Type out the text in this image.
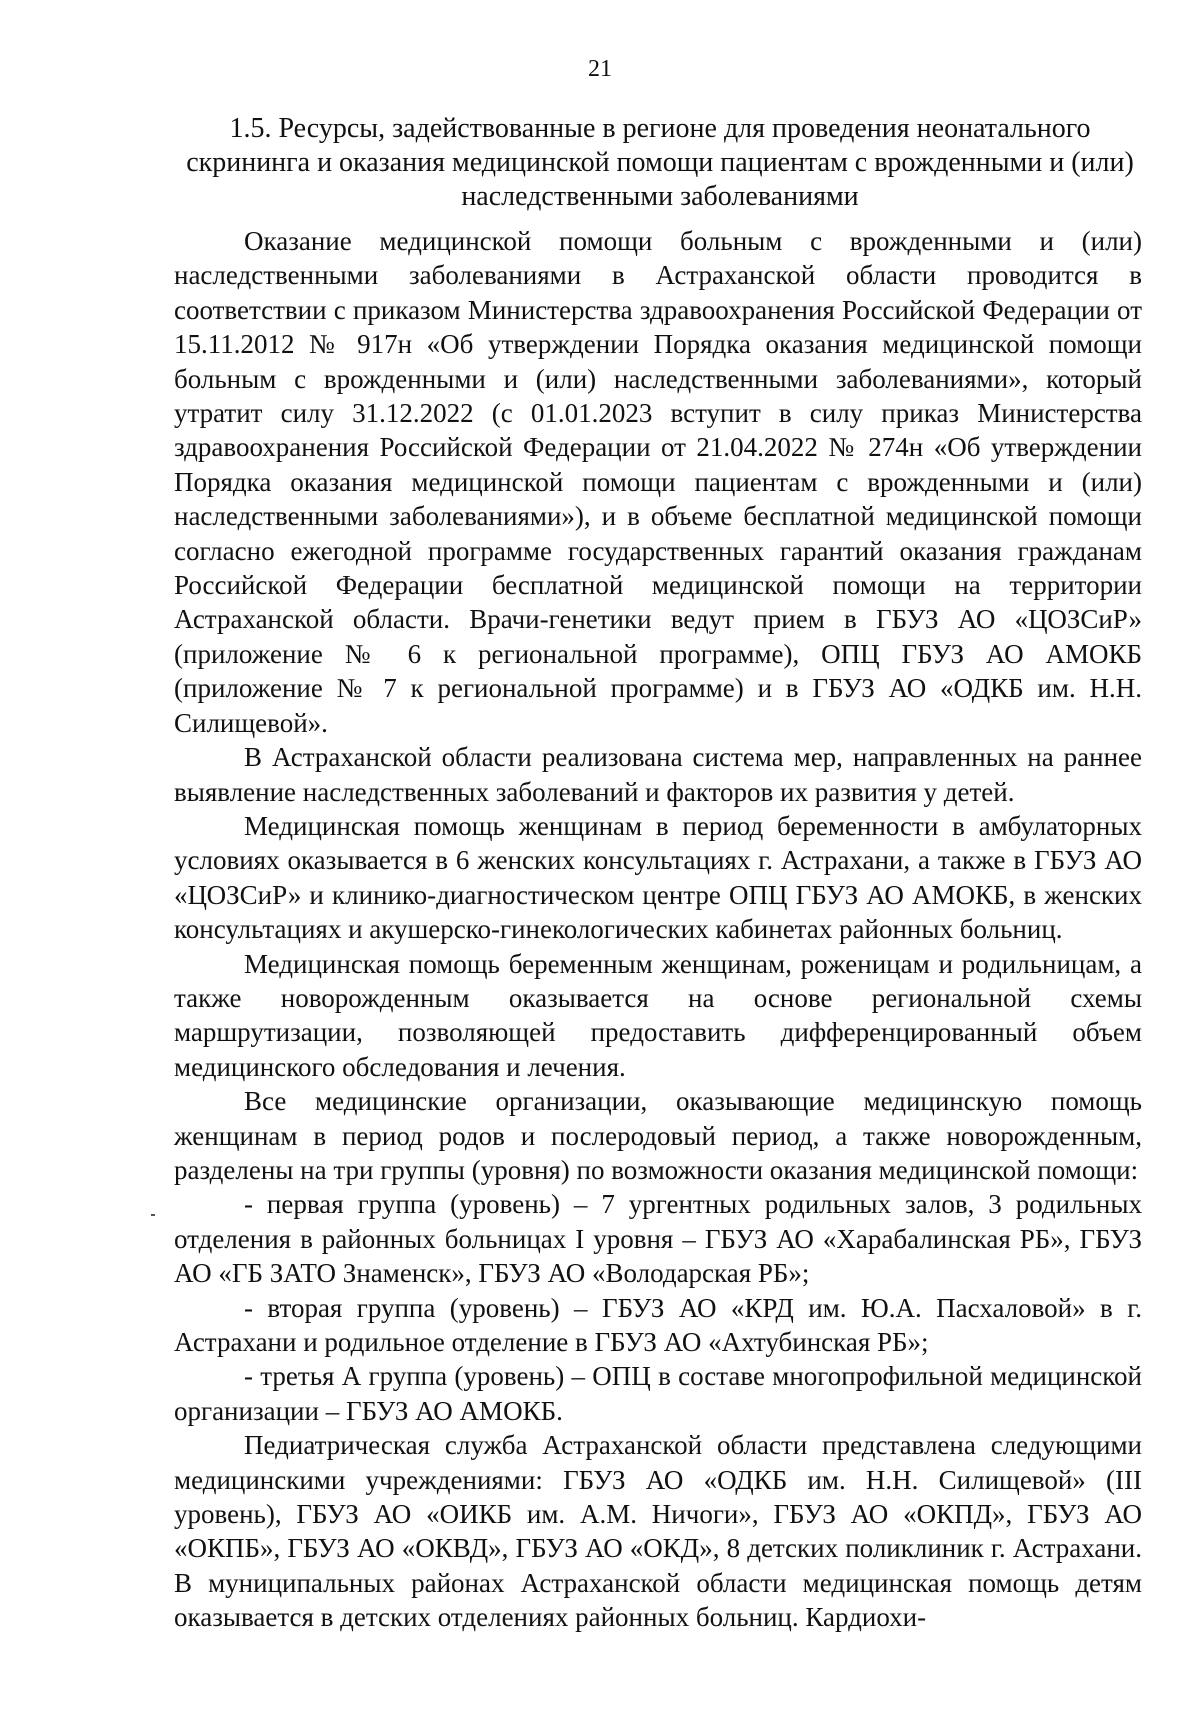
21
1.5. Ресурсы, задействованные в регионе для проведения неонатального скрининга и оказания медицинской помощи пациентам с врожденными и (или) наследственными заболеваниями

Оказание медицинской помощи больным с врожденными и (или) наследственными заболеваниями в Астраханской области проводится в соответствии с приказом Министерства здравоохранения Российской Федерации от 15.11.2012 № 917н «Об утверждении Порядка оказания медицинской помощи больным с врожденными и (или) наследственными заболеваниями», который утратит силу 31.12.2022 (с 01.01.2023 вступит в силу приказ Министерства здравоохранения Российской Федерации от 21.04.2022 № 274н «Об утверждении Порядка оказания медицинской помощи пациентам с врожденными и (или) наследственными заболеваниями»), и в объеме бесплатной медицинской помощи согласно ежегодной программе государственных гарантий оказания гражданам Российской Федерации бесплатной медицинской помощи на территории Астраханской области. Врачи-генетики ведут прием в ГБУЗ АО «ЦОЗСиР» (приложение № 6 к региональной программе), ОПЦ ГБУЗ АО АМОКБ (приложение № 7 к региональной программе) и в ГБУЗ АО «ОДКБ им. Н.Н. Силищевой».

В Астраханской области реализована система мер, направленных на раннее выявление наследственных заболеваний и факторов их развития у детей.

Медицинская помощь женщинам в период беременности в амбулаторных условиях оказывается в 6 женских консультациях г. Астрахани, а также в ГБУЗ АО «ЦОЗСиР» и клинико-диагностическом центре ОПЦ ГБУЗ АО АМОКБ, в женских консультациях и акушерско-гинекологических кабинетах районных больниц.

Медицинская помощь беременным женщинам, роженицам и родильницам, а также новорожденным оказывается на основе региональной схемы маршрутизации, позволяющей предоставить дифференцированный объем медицинского обследования и лечения.

Все медицинские организации, оказывающие медицинскую помощь женщинам в период родов и послеродовый период, а также новорожденным, разделены на три группы (уровня) по возможности оказания медицинской помощи:

- первая группа (уровень) – 7 ургентных родильных залов, 3 родильных отделения в районных больницах I уровня – ГБУЗ АО «Харабалинская РБ», ГБУЗ АО «ГБ ЗАТО Знаменск», ГБУЗ АО «Володарская РБ»;

- вторая группа (уровень) – ГБУЗ АО «КРД им. Ю.А. Пасхаловой» в г. Астрахани и родильное отделение в ГБУЗ АО «Ахтубинская РБ»;

- третья А группа (уровень) – ОПЦ в составе многопрофильной медицинской организации – ГБУЗ АО АМОКБ.

Педиатрическая служба Астраханской области представлена следующими медицинскими учреждениями: ГБУЗ АО «ОДКБ им. Н.Н. Силищевой» (III уровень), ГБУЗ АО «ОИКБ им. А.М. Ничоги», ГБУЗ АО «ОКПД», ГБУЗ АО «ОКПБ», ГБУЗ АО «ОКВД», ГБУЗ АО «ОКД», 8 детских поликлиник г. Астрахани. В муниципальных районах Астраханской области медицинская помощь детям оказывается в детских отделениях районных больниц. Кардиохи-
